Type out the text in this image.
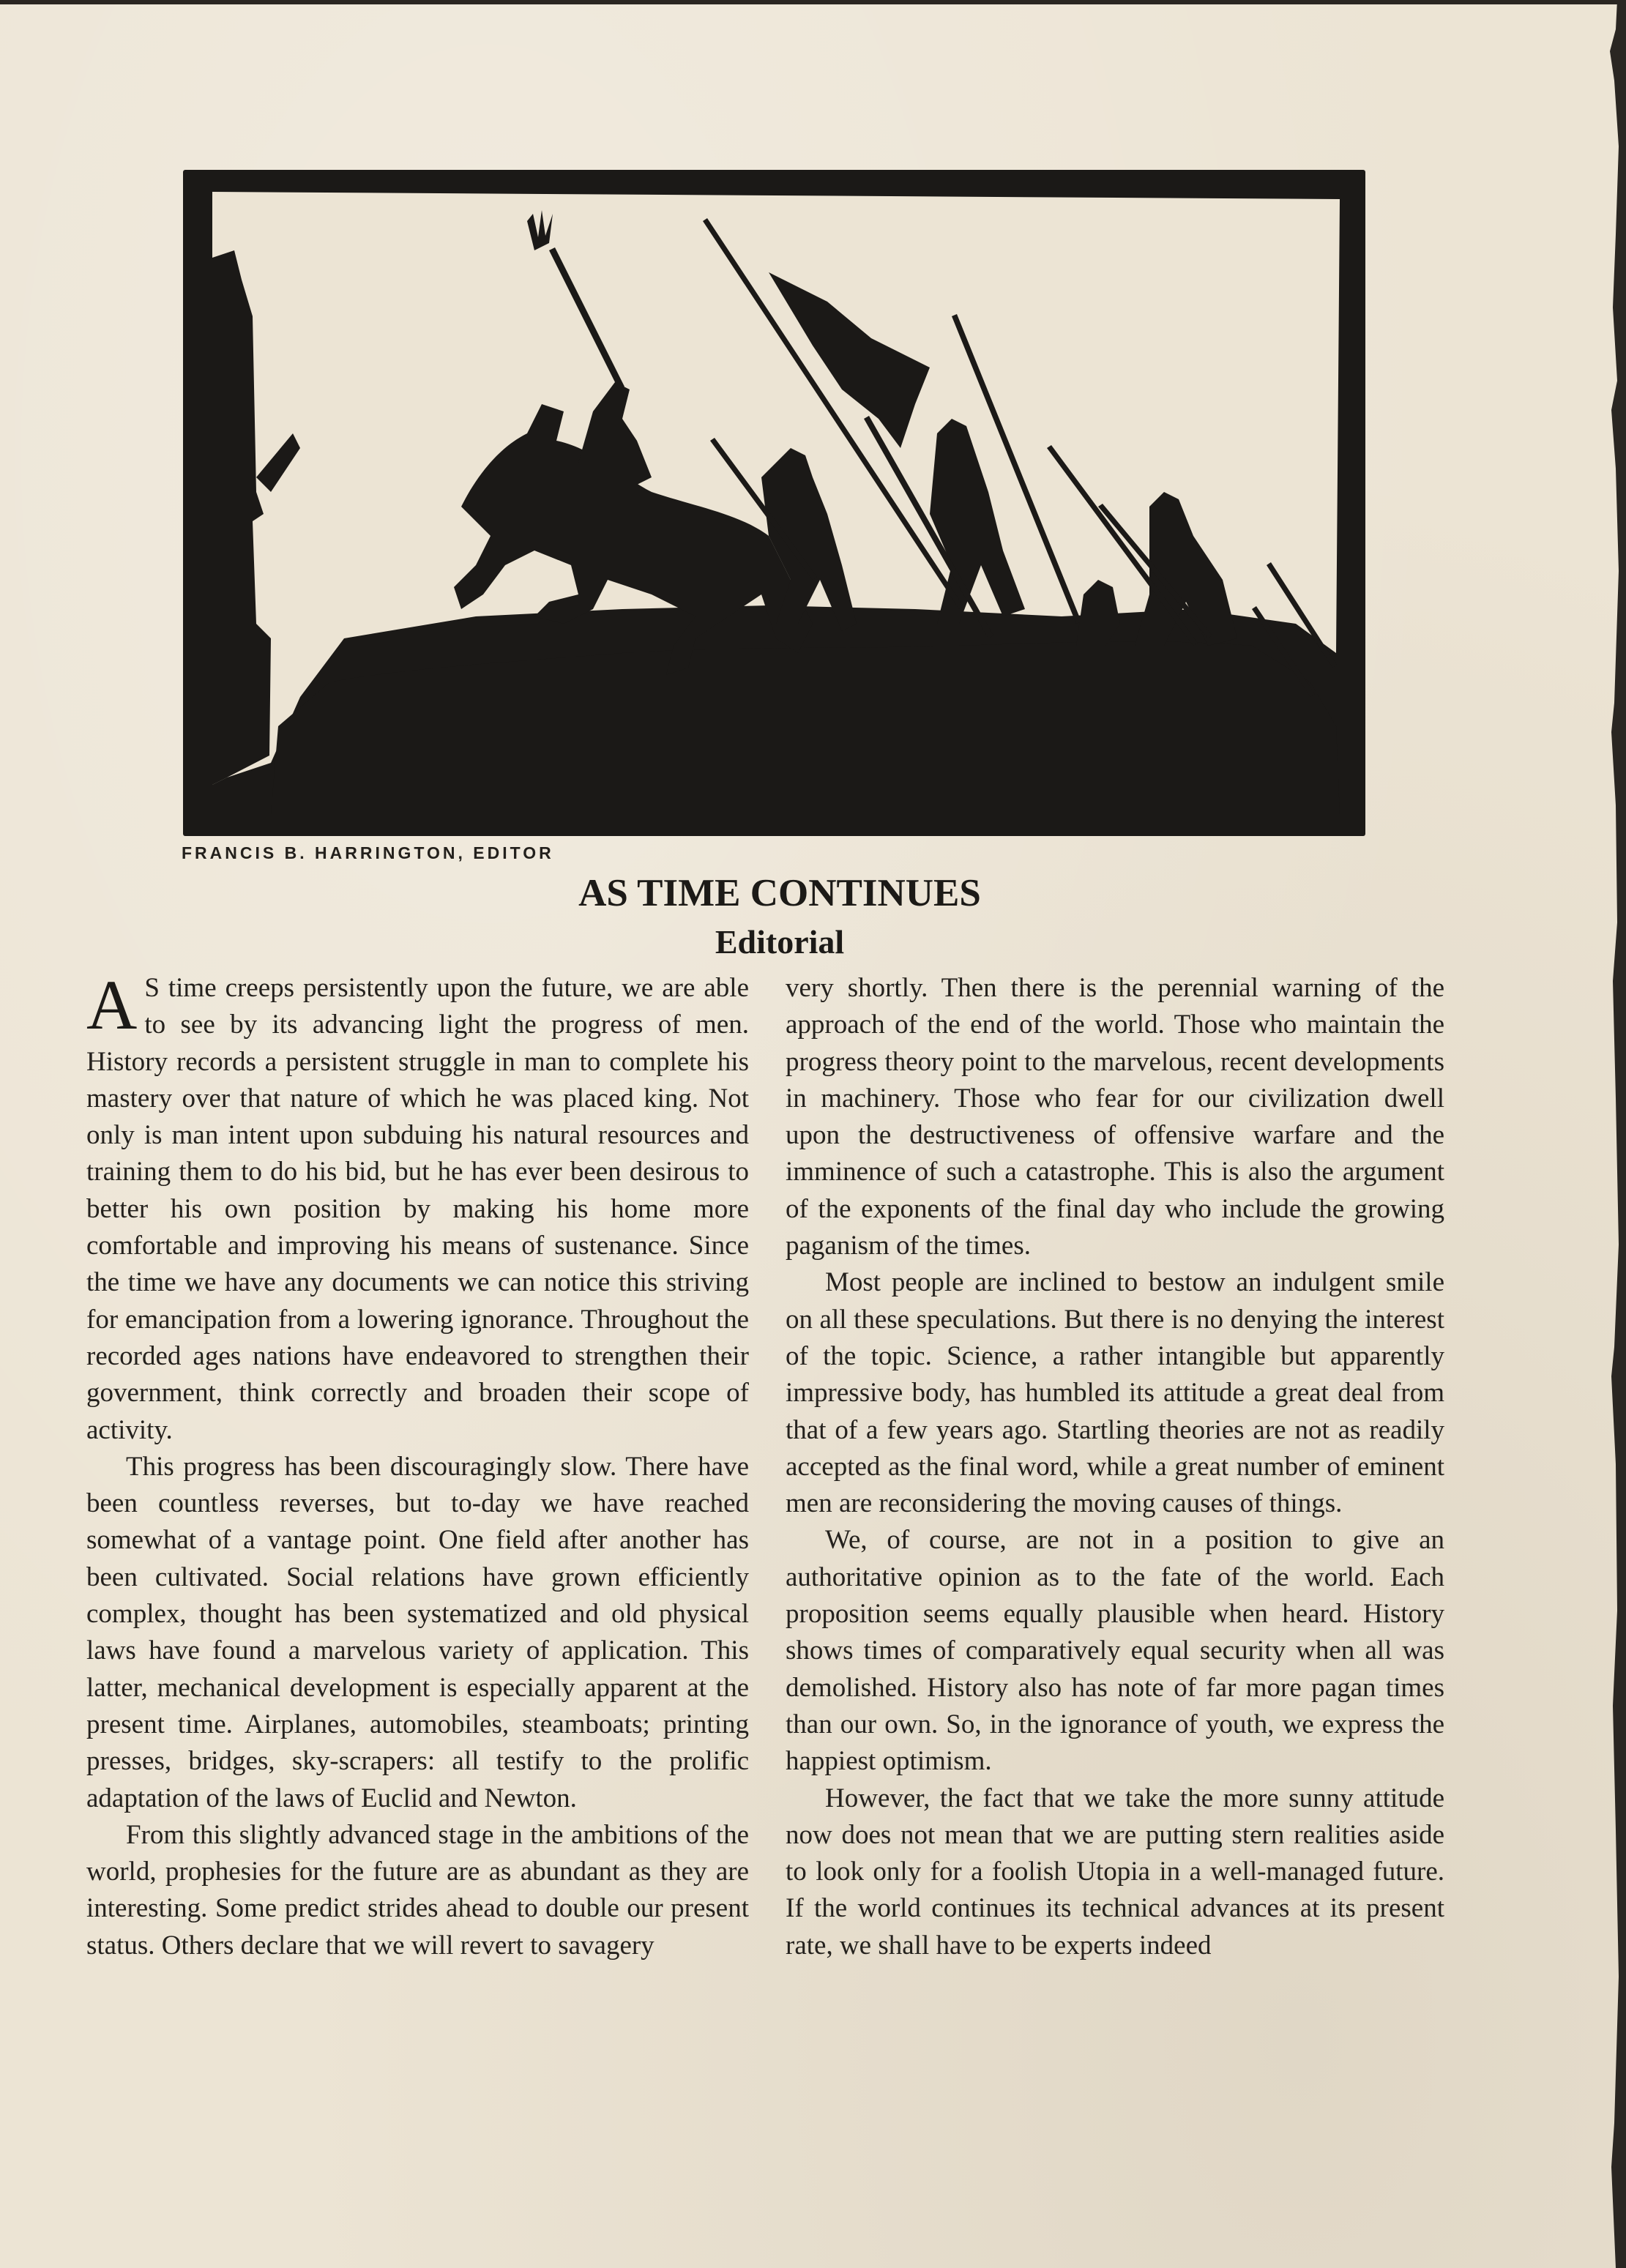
FRANCIS B. HARRINGTON, EDITOR
AS TIME CONTINUES
Editorial

A S time creeps persistently upon the future, we are able to see by its advancing light the progress of men. History records a persistent struggle in man to complete his mastery over that nature of which he was placed king. Not only is man intent upon subduing his natural resources and training them to do his bid, but he has ever been desirous to better his own position by making his home more comfortable and improving his means of sustenance. Since the time we have any documents we can notice this striving for emancipation from a lowering ignorance. Throughout the recorded ages nations have endeavored to strengthen their government, think correctly and broaden their scope of activity.

This progress has been discouragingly slow. There have been countless reverses, but to-day we have reached somewhat of a vantage point. One field after another has been cultivated. Social relations have grown efficiently complex, thought has been systematized and old physical laws have found a marvelous variety of application. This latter, mechanical development is especially apparent at the present time. Airplanes, automobiles, steamboats; printing presses, bridges, sky-scrapers: all testify to the prolific adaptation of the laws of Euclid and Newton.

From this slightly advanced stage in the ambitions of the world, prophesies for the future are as abundant as they are interesting. Some predict strides ahead to double our present status. Others declare that we will revert to savagery

very shortly. Then there is the perennial warning of the approach of the end of the world. Those who maintain the progress theory point to the marvelous, recent developments in machinery. Those who fear for our civilization dwell upon the destructiveness of offensive warfare and the imminence of such a catastrophe. This is also the argument of the exponents of the final day who include the growing paganism of the times.

Most people are inclined to bestow an indulgent smile on all these speculations. But there is no denying the interest of the topic. Science, a rather intangible but apparently impressive body, has humbled its attitude a great deal from that of a few years ago. Startling theories are not as readily accepted as the final word, while a great number of eminent men are reconsidering the moving causes of things.

We, of course, are not in a position to give an authoritative opinion as to the fate of the world. Each proposition seems equally plausible when heard. History shows times of comparatively equal security when all was demolished. History also has note of far more pagan times than our own. So, in the ignorance of youth, we express the happiest optimism.

However, the fact that we take the more sunny attitude now does not mean that we are putting stern realities aside to look only for a foolish Utopia in a well-managed future. If the world continues its technical advances at its present rate, we shall have to be experts indeed
